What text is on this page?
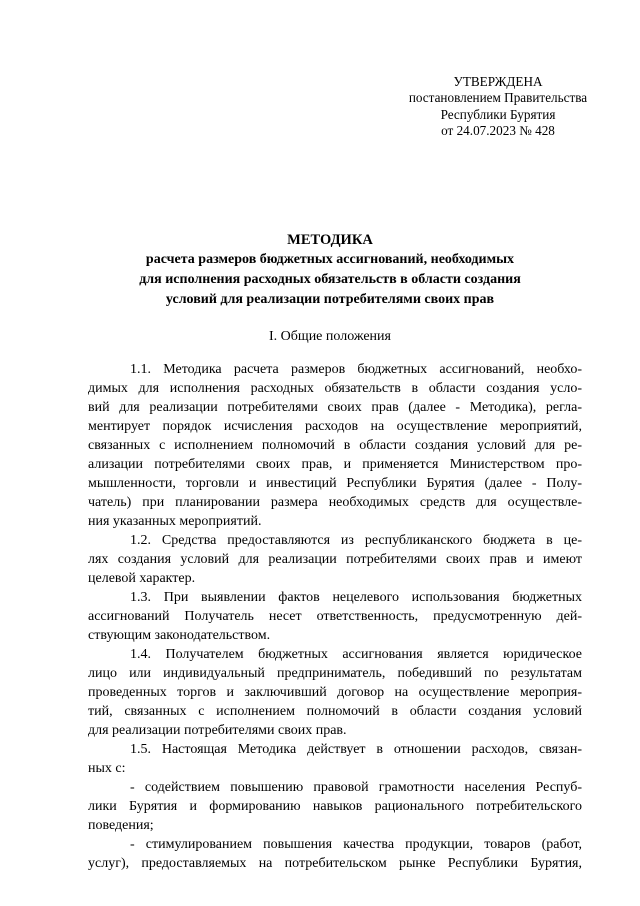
УТВЕРЖДЕНА
постановлением Правительства
Республики Бурятия
от 24.07.2023 № 428
МЕТОДИКА
расчета размеров бюджетных ассигнований, необходимых
для исполнения расходных обязательств в области создания
условий для реализации потребителями своих прав
I. Общие положения
1.1. Методика расчета размеров бюджетных ассигнований, необхо-
димых для исполнения расходных обязательств в области создания усло-
вий для реализации потребителями своих прав (далее - Методика), регла-
ментирует порядок исчисления расходов на осуществление мероприятий,
связанных с исполнением полномочий в области создания условий для ре-
ализации потребителями своих прав, и применяется Министерством про-
мышленности, торговли и инвестиций Республики Бурятия (далее - Полу-
чатель) при планировании размера необходимых средств для осуществле-
ния указанных мероприятий.
1.2. Средства предоставляются из республиканского бюджета в це-
лях создания условий для реализации потребителями своих прав и имеют
целевой характер.
1.3. При выявлении фактов нецелевого использования бюджетных
ассигнований Получатель несет ответственность, предусмотренную дей-
ствующим законодательством.
1.4. Получателем бюджетных ассигнования является юридическое
лицо или индивидуальный предприниматель, победивший по результатам
проведенных торгов и заключивший договор на осуществление мероприя-
тий, связанных с исполнением полномочий в области создания условий
для реализации потребителями своих прав.
1.5. Настоящая Методика действует в отношении расходов, связан-
ных с:
- содействием повышению правовой грамотности населения Респуб-
лики Бурятия и формированию навыков рационального потребительского
поведения;
- стимулированием повышения качества продукции, товаров (работ,
услуг), предоставляемых на потребительском рынке Республики Бурятия,
